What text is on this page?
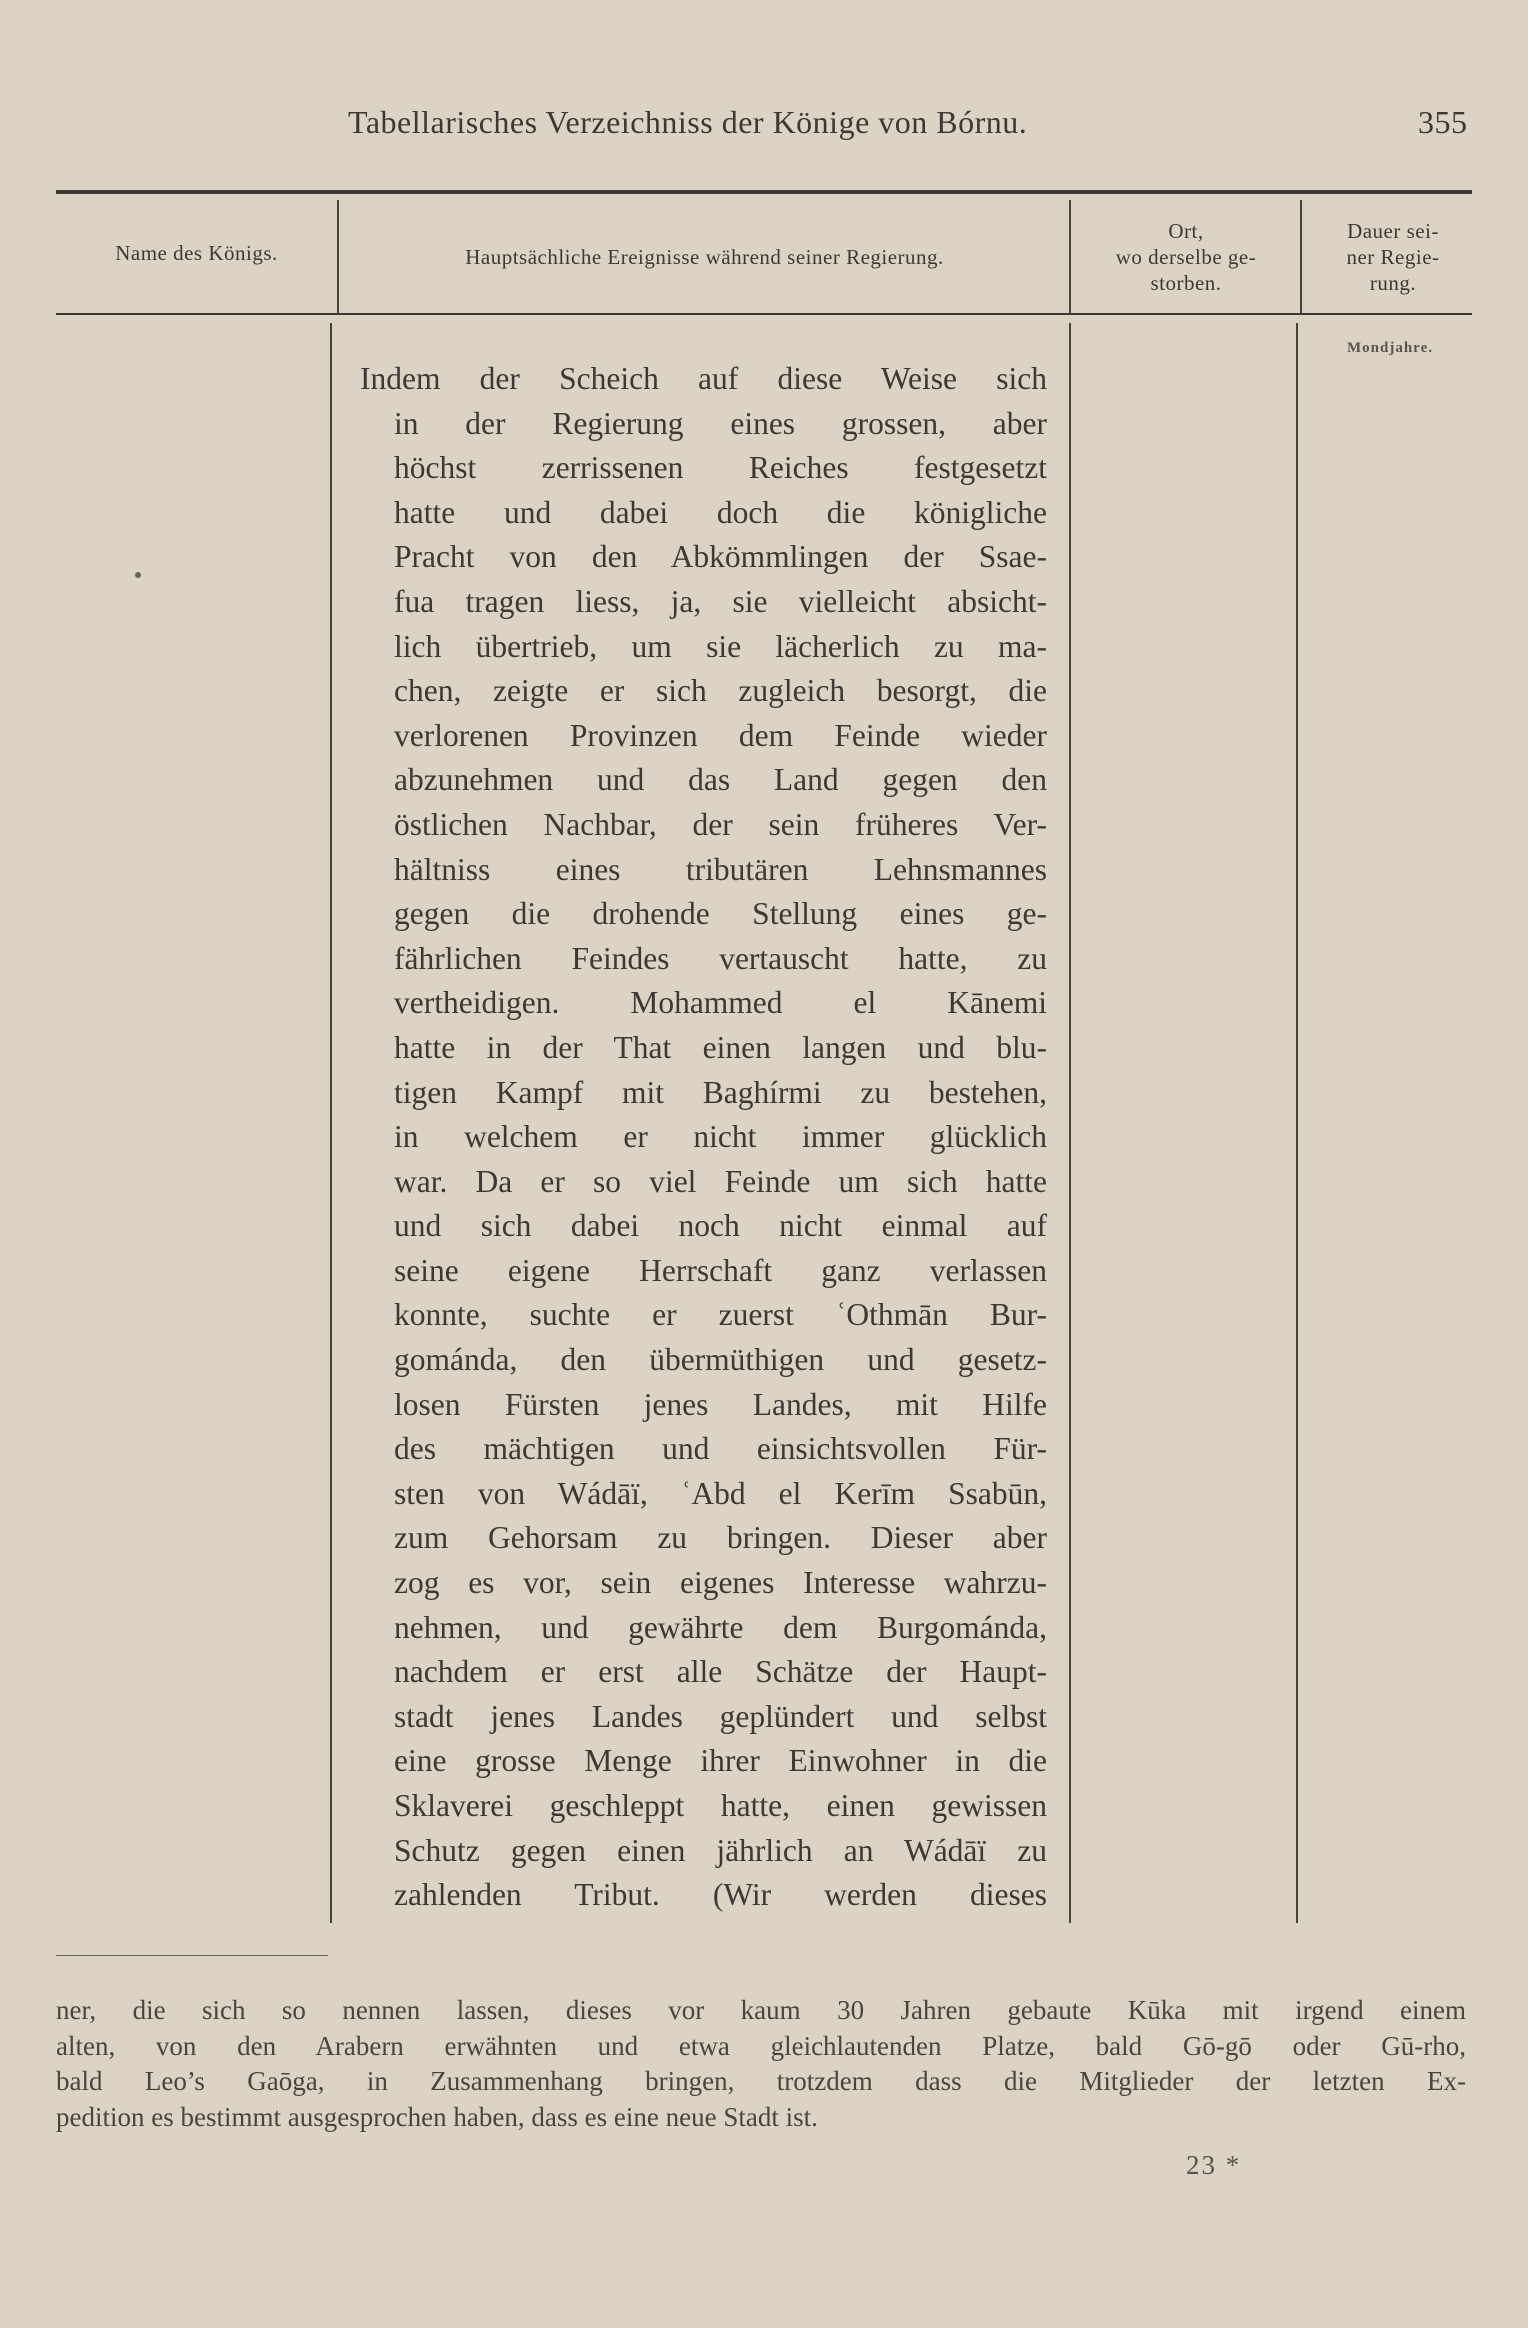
Tabellarisches Verzeichniss der Könige von Bórnu.	355
Name des Königs.	Hauptsächliche Ereignisse während seiner Regierung.
Ort,
wo derselbe ge-
storben.
Dauer sei-
ner Regie-
rung.
Mondjahre.
Indem der Scheich auf diese Weise sich
in der Regierung eines grossen, aber
höchst zerrissenen Reiches festgesetzt
hatte und dabei doch die königliche
Pracht von den Abkömmlingen der Ssae-
fua tragen liess, ja, sie vielleicht absicht-
lich übertrieb, um sie lächerlich zu ma-
chen, zeigte er sich zugleich besorgt, die
verlorenen Provinzen dem Feinde wieder
abzunehmen und das Land gegen den
östlichen Nachbar, der sein früheres Ver-
hältniss eines tributären Lehnsmannes
gegen die drohende Stellung eines ge-
fährlichen Feindes vertauscht hatte, zu
vertheidigen. Mohammed el Kānemi
hatte in der That einen langen und blu-
tigen Kampf mit Baghírmi zu bestehen,
in welchem er nicht immer glücklich
war. Da er so viel Feinde um sich hatte
und sich dabei noch nicht einmal auf
seine eigene Herrschaft ganz verlassen
konnte, suchte er zuerst ʿOthmān Bur-
gománda, den übermüthigen und gesetz-
losen Fürsten jenes Landes, mit Hilfe
des mächtigen und einsichtsvollen Für-
sten von Wádāï, ʿAbd el Kerīm Ssabūn,
zum Gehorsam zu bringen. Dieser aber
zog es vor, sein eigenes Interesse wahrzu-
nehmen, und gewährte dem Burgománda,
nachdem er erst alle Schätze der Haupt-
stadt jenes Landes geplündert und selbst
eine grosse Menge ihrer Einwohner in die
Sklaverei geschleppt hatte, einen gewissen
Schutz gegen einen jährlich an Wádāï zu
zahlenden Tribut. (Wir werden dieses
ner, die sich so nennen lassen, dieses vor kaum 30 Jahren gebaute Kūka mit irgend einem
alten, von den Arabern erwähnten und etwa gleichlautenden Platze, bald Gō-gō oder Gū-rho,
bald Leo’s Gaōga, in Zusammenhang bringen, trotzdem dass die Mitglieder der letzten Ex-
pedition es bestimmt ausgesprochen haben, dass es eine neue Stadt ist.
23 *
